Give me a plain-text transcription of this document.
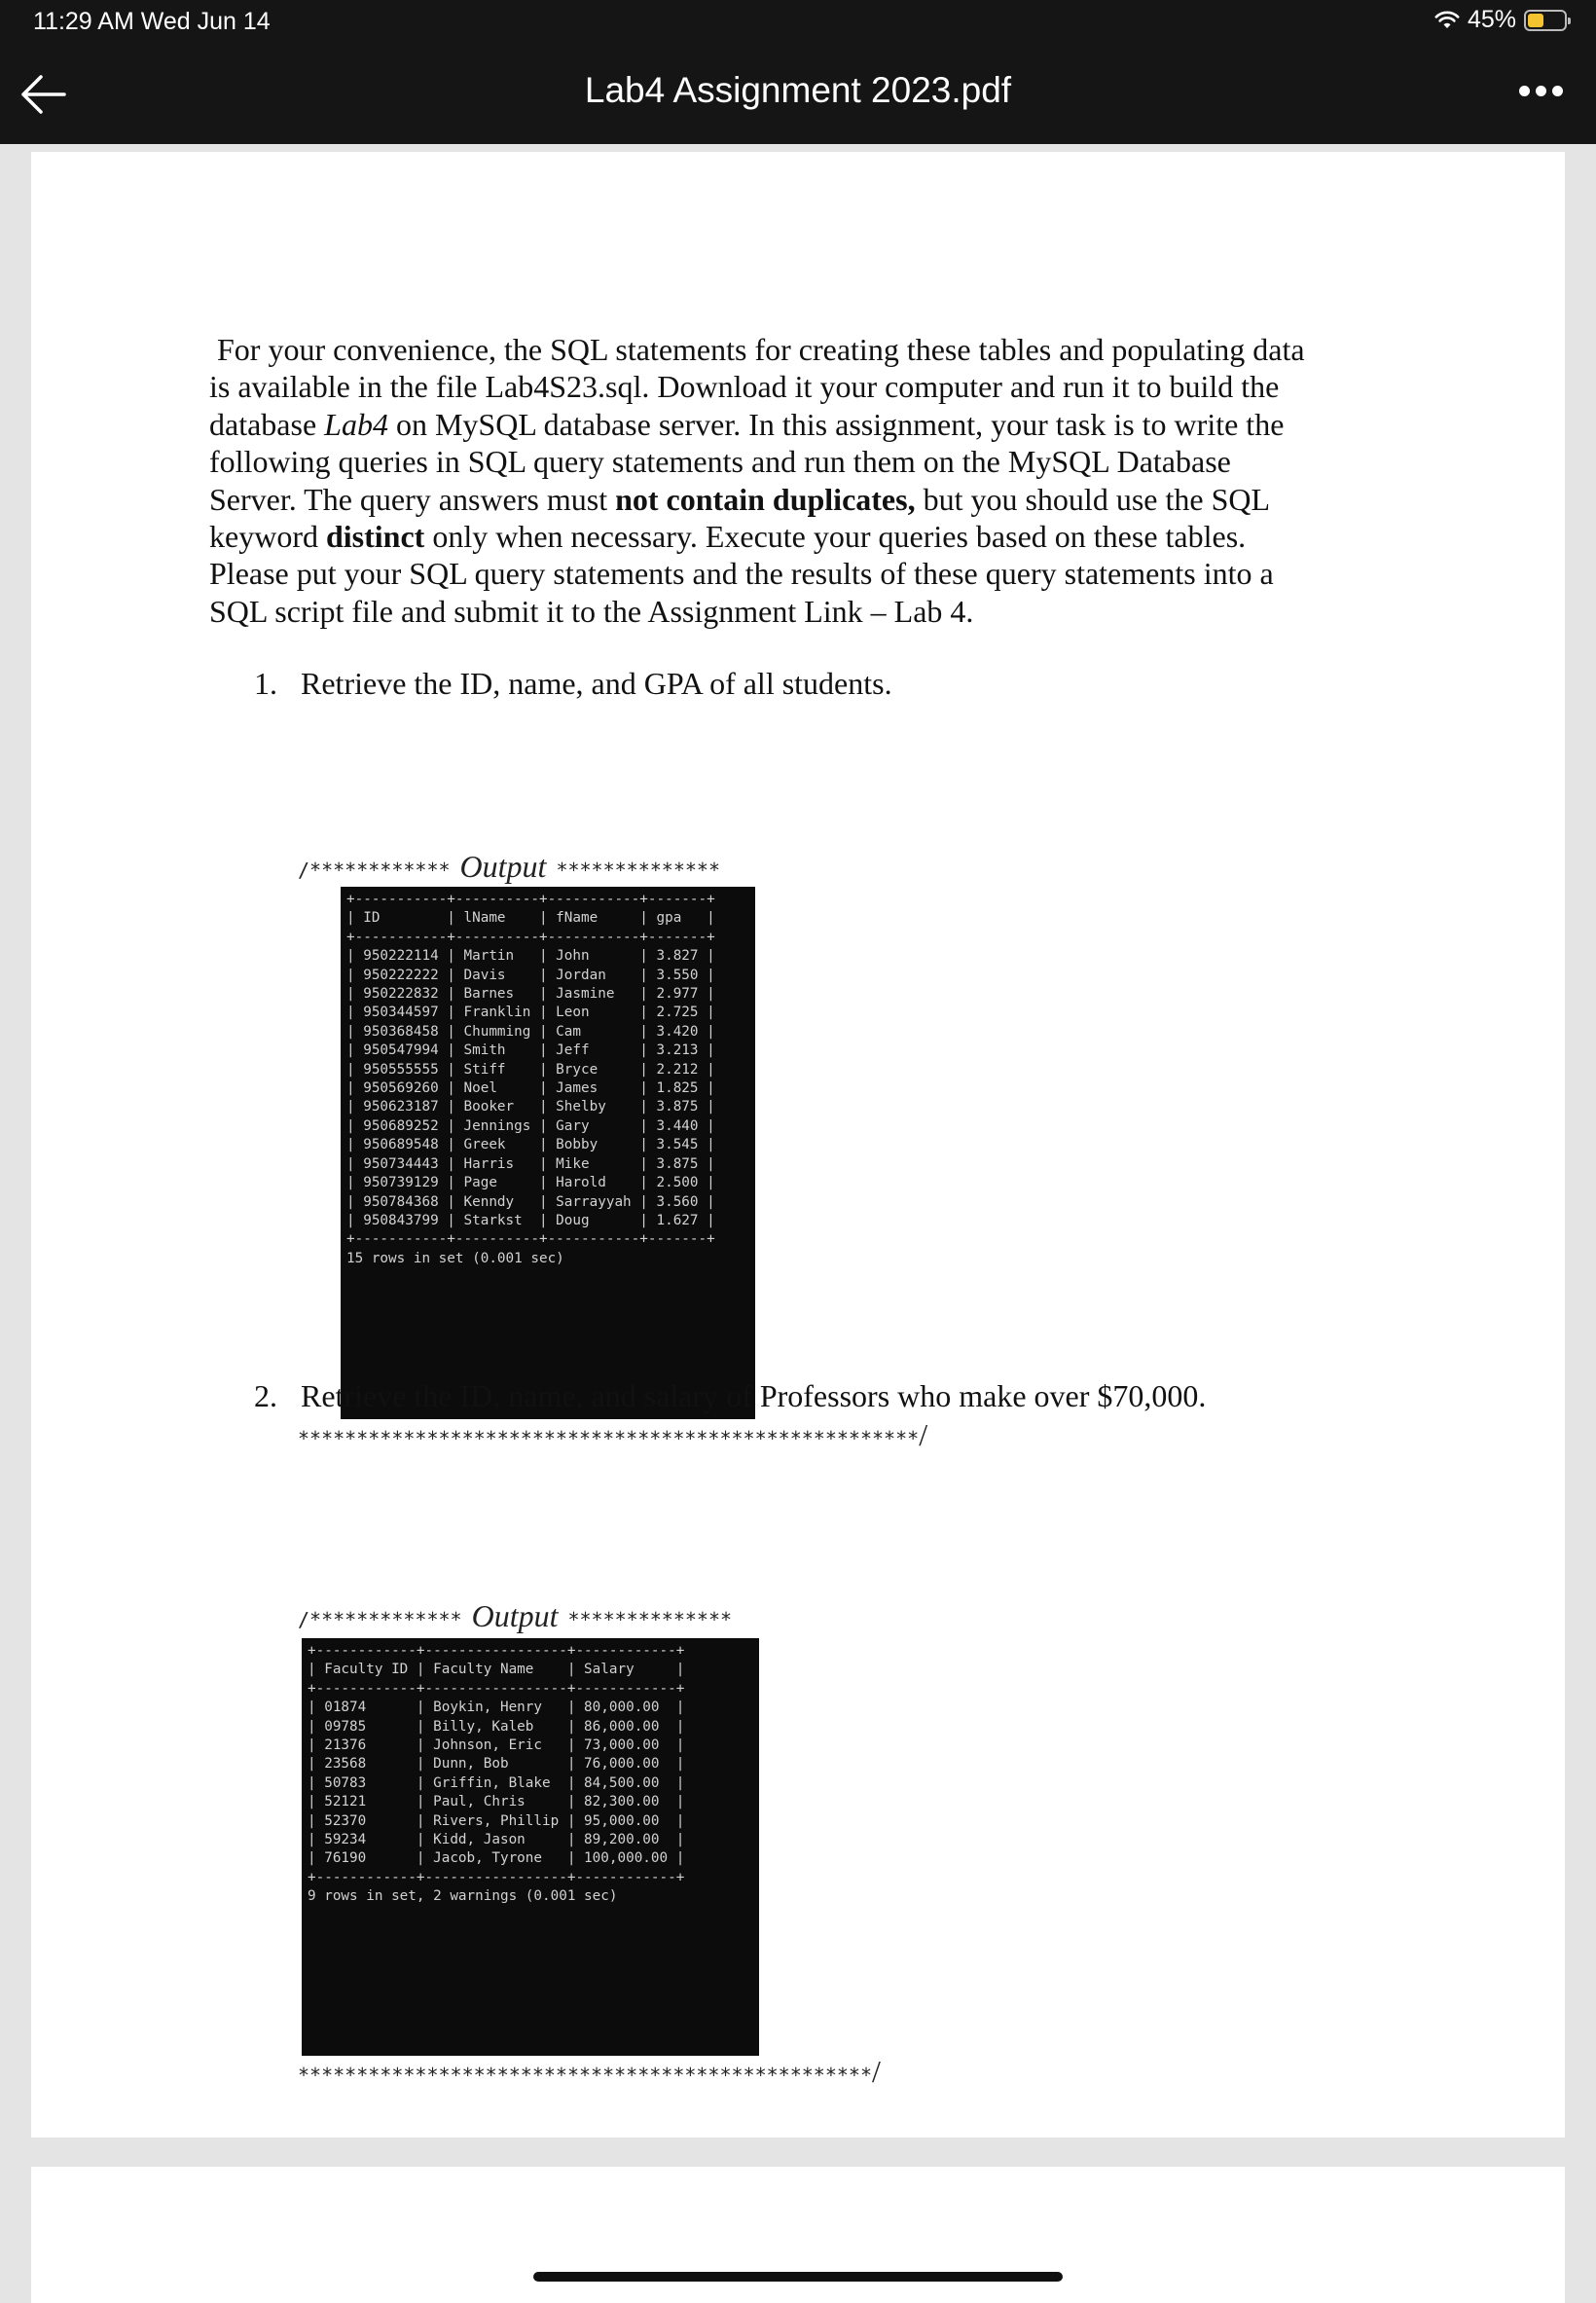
11:29 AM Wed Jun 14	45%
Lab4 Assignment 2023.pdf

For your convenience, the SQL statements for creating these tables and populating data

is available in the file Lab4S23.sql. Download it your computer and run it to build the

database Lab4 on MySQL database server. In this assignment, your task is to write the

following queries in SQL query statements and run them on the MySQL Database

Server. The query answers must not contain duplicates, but you should use the SQL

keyword distinct only when necessary. Execute your queries based on these tables.

Please put your SQL query statements and the results of these query statements into a

SQL script file and submit it to the Assignment Link – Lab 4.

1. Retrieve the ID, name, and GPA of all students.
/************ Output **************
+-----------+----------+-----------+-------+
| ID        | lName    | fName     | gpa   |
+-----------+----------+-----------+-------+
| 950222114 | Martin   | John      | 3.827 |
| 950222222 | Davis    | Jordan    | 3.550 |
| 950222832 | Barnes   | Jasmine   | 2.977 |
| 950344597 | Franklin | Leon      | 2.725 |
| 950368458 | Chumming | Cam       | 3.420 |
| 950547994 | Smith    | Jeff      | 3.213 |
| 950555555 | Stiff    | Bryce     | 2.212 |
| 950569260 | Noel     | James     | 1.825 |
| 950623187 | Booker   | Shelby    | 3.875 |
| 950689252 | Jennings | Gary      | 3.440 |
| 950689548 | Greek    | Bobby     | 3.545 |
| 950734443 | Harris   | Mike      | 3.875 |
| 950739129 | Page     | Harold    | 2.500 |
| 950784368 | Kenndy   | Sarrayyah | 3.560 |
| 950843799 | Starkst  | Doug      | 1.627 |
+-----------+----------+-----------+-------+
15 rows in set (0.001 sec)
*****************************************************/
2. Retrieve the ID, name, and salary of Professors who make over $70,000.
/************* Output **************
+------------+-----------------+------------+
| Faculty ID | Faculty Name    | Salary     |
+------------+-----------------+------------+
| 01874      | Boykin, Henry   | 80,000.00  |
| 09785      | Billy, Kaleb    | 86,000.00  |
| 21376      | Johnson, Eric   | 73,000.00  |
| 23568      | Dunn, Bob       | 76,000.00  |
| 50783      | Griffin, Blake  | 84,500.00  |
| 52121      | Paul, Chris     | 82,300.00  |
| 52370      | Rivers, Phillip | 95,000.00  |
| 59234      | Kidd, Jason     | 89,200.00  |
| 76190      | Jacob, Tyrone   | 100,000.00 |
+------------+-----------------+------------+
9 rows in set, 2 warnings (0.001 sec)
*************************************************/
